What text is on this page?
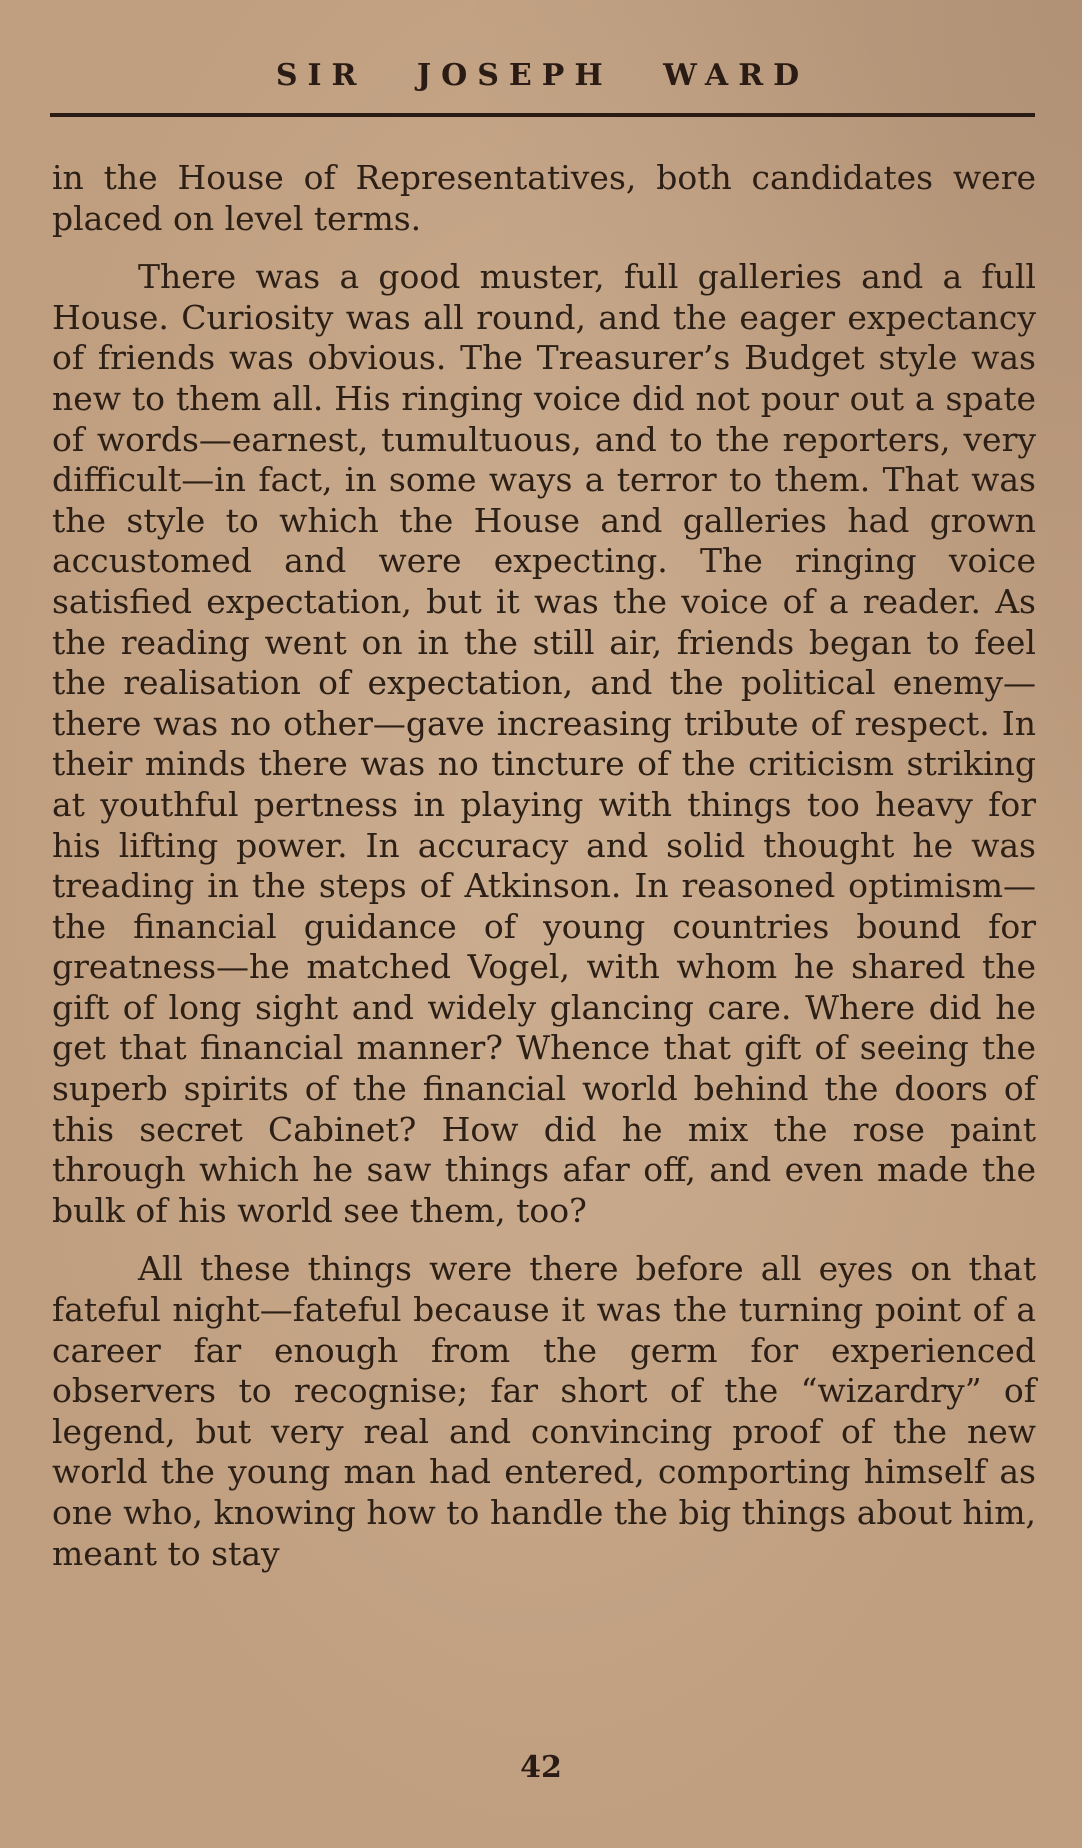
SIR JOSEPH WARD

in the House of Representatives, both candidates were placed on level terms.

There was a good muster, full galleries and a full House. Curiosity was all round, and the eager expectancy of friends was obvious. The Treasurer’s Budget style was new to them all. His ringing voice did not pour out a spate of words—earnest, tumultuous, and to the reporters, very difficult—in fact, in some ways a terror to them. That was the style to which the House and galleries had grown accustomed and were expecting. The ringing voice satisfied expectation, but it was the voice of a reader. As the reading went on in the still air, friends began to feel the realisation of expectation, and the political enemy—there was no other—gave increasing tribute of respect. In their minds there was no tincture of the criticism striking at youthful pertness in playing with things too heavy for his lifting power. In accuracy and solid thought he was treading in the steps of Atkinson. In reasoned optimism—the financial guidance of young countries bound for greatness—he matched Vogel, with whom he shared the gift of long sight and widely glancing care. Where did he get that financial manner? Whence that gift of seeing the superb spirits of the financial world behind the doors of this secret Cabinet? How did he mix the rose paint through which he saw things afar off, and even made the bulk of his world see them, too?

All these things were there before all eyes on that fateful night—fateful because it was the turning point of a career far enough from the germ for experienced observers to recognise; far short of the “wizardry” of legend, but very real and convincing proof of the new world the young man had entered, comporting himself as one who, knowing how to handle the big things about him, meant to stay

42
